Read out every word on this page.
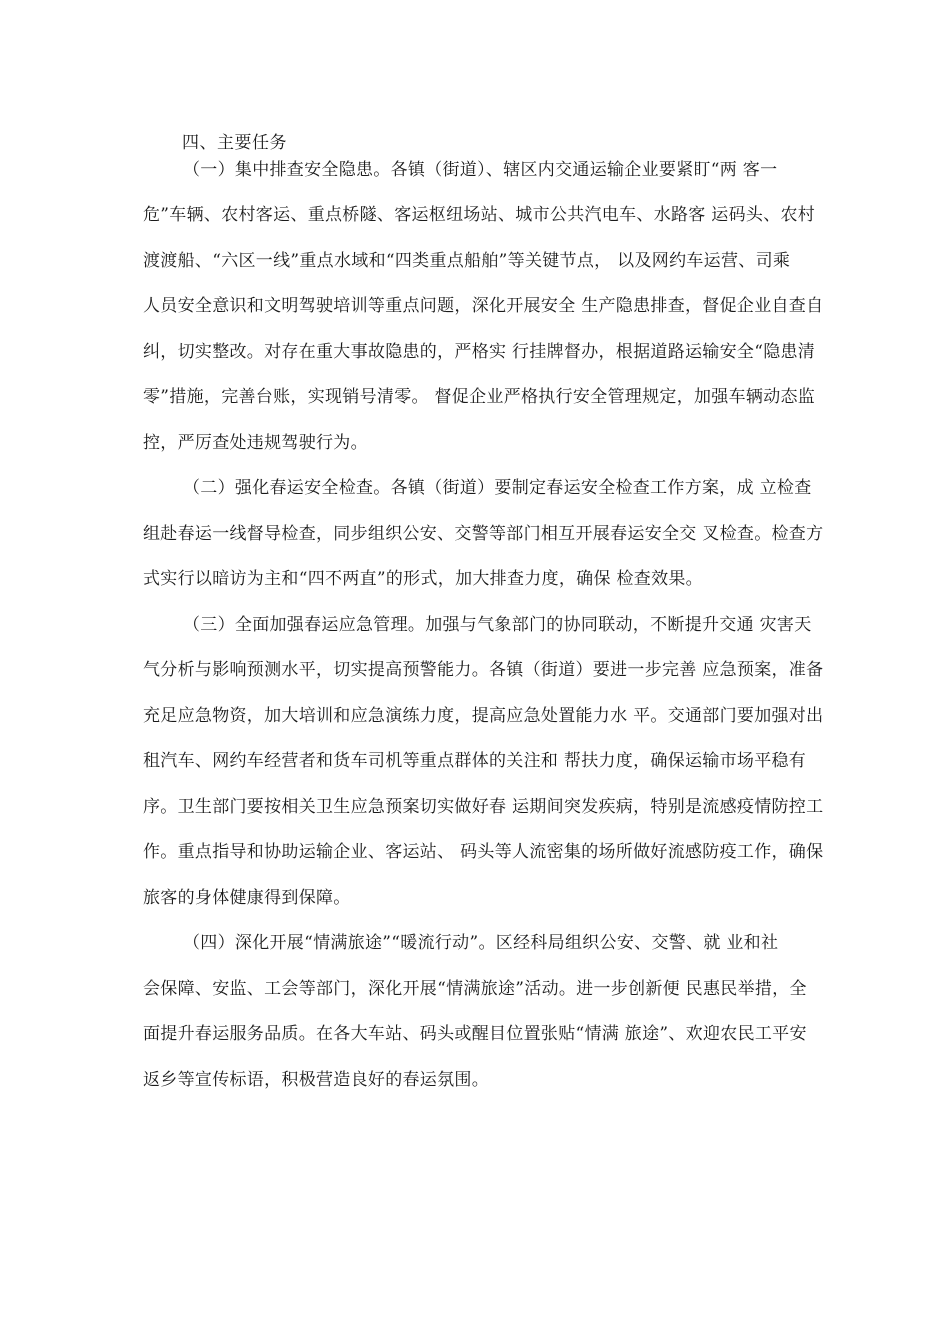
四、主要任务

（一）集中排查安全隐患。各镇（街道）、辖区内交通运输企业要紧盯“两 客一

危”车辆、农村客运、重点桥隧、客运枢纽场站、城市公共汽电车、水路客 运码头、农村

渡渡船、“六区一线”重点水域和“四类重点船舶”等关键节点， 以及网约车运营、司乘

人员安全意识和文明驾驶培训等重点问题，深化开展安全 生产隐患排查，督促企业自查自

纠，切实整改。对存在重大事故隐患的，严格实 行挂牌督办，根据道路运输安全“隐患清

零”措施，完善台账，实现销号清零。 督促企业严格执行安全管理规定，加强车辆动态监

控，严厉查处违规驾驶行为。

（二）强化春运安全检查。各镇（街道）要制定春运安全检查工作方案，成 立检查

组赴春运一线督导检查，同步组织公安、交警等部门相互开展春运安全交 叉检查。检查方

式实行以暗访为主和“四不两直”的形式，加大排查力度，确保 检查效果。

（三）全面加强春运应急管理。加强与气象部门的协同联动，不断提升交通 灾害天

气分析与影响预测水平，切实提高预警能力。各镇（街道）要进一步完善 应急预案，准备

充足应急物资，加大培训和应急演练力度，提高应急处置能力水 平。交通部门要加强对出

租汽车、网约车经营者和货车司机等重点群体的关注和 帮扶力度，确保运输市场平稳有

序。卫生部门要按相关卫生应急预案切实做好春 运期间突发疾病，特别是流感疫情防控工

作。重点指导和协助运输企业、客运站、 码头等人流密集的场所做好流感防疫工作，确保

旅客的身体健康得到保障。

（四）深化开展“情满旅途”“暖流行动”。区经科局组织公安、交警、就 业和社

会保障、安监、工会等部门，深化开展“情满旅途”活动。进一步创新便 民惠民举措，全

面提升春运服务品质。在各大车站、码头或醒目位置张贴“情满 旅途”、欢迎农民工平安

返乡等宣传标语，积极营造良好的春运氛围。
